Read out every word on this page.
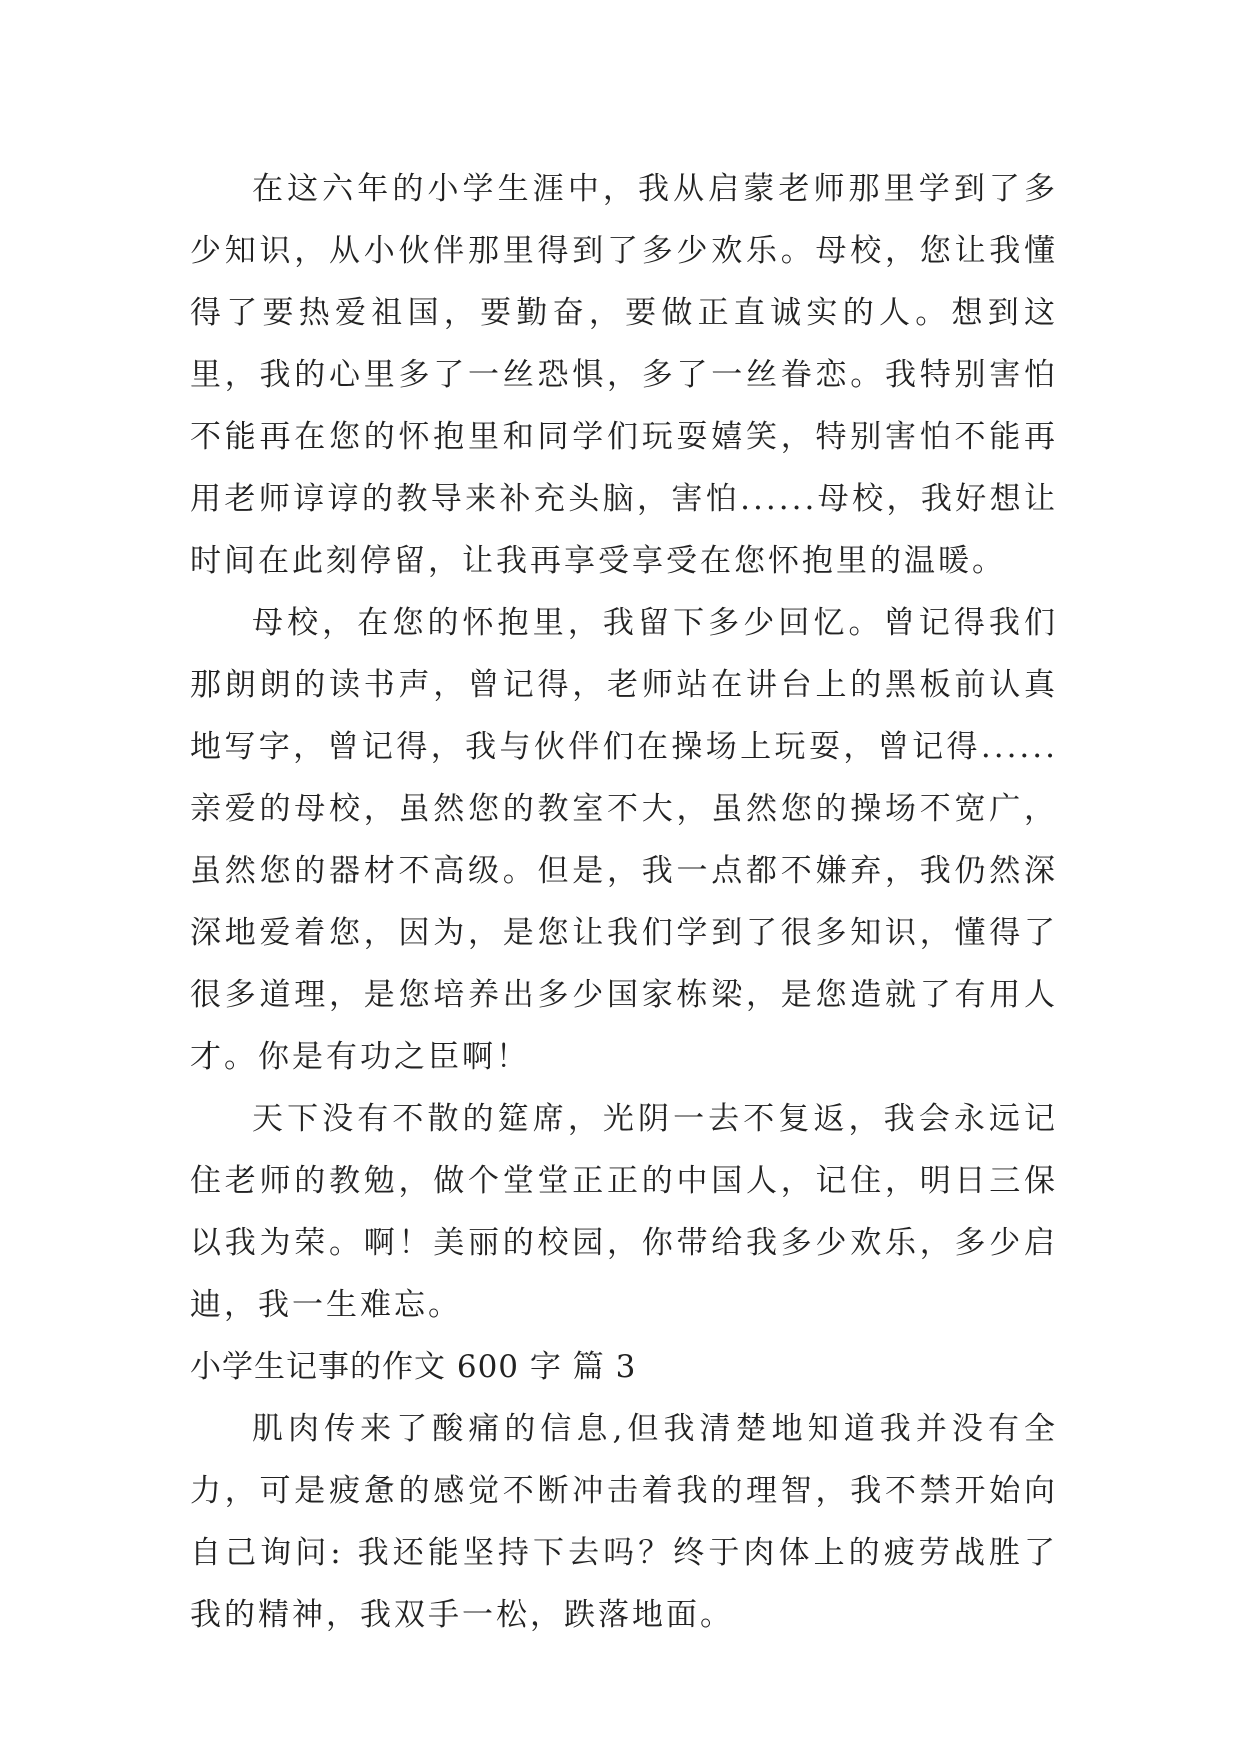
在这六年的小学生涯中，我从启蒙老师那里学到了多少知识，从小伙伴那里得到了多少欢乐。母校，您让我懂得了要热爱祖国，要勤奋，要做正直诚实的人。想到这里，我的心里多了一丝恐惧，多了一丝眷恋。我特别害怕不能再在您的怀抱里和同学们玩耍嬉笑，特别害怕不能再用老师谆谆的教导来补充头脑，害怕......母校，我好想让时间在此刻停留，让我再享受享受在您怀抱里的温暖。

母校，在您的怀抱里，我留下多少回忆。曾记得我们那朗朗的读书声，曾记得，老师站在讲台上的黑板前认真地写字，曾记得，我与伙伴们在操场上玩耍，曾记得......亲爱的母校，虽然您的教室不大，虽然您的操场不宽广，虽然您的器材不高级。但是，我一点都不嫌弃，我仍然深深地爱着您，因为，是您让我们学到了很多知识，懂得了很多道理，是您培养出多少国家栋梁，是您造就了有用人才。你是有功之臣啊！

天下没有不散的筵席，光阴一去不复返，我会永远记住老师的教勉，做个堂堂正正的中国人，记住，明日三保以我为荣。啊！美丽的校园，你带给我多少欢乐，多少启迪，我一生难忘。

小学生记事的作文 600 字 篇 3

肌肉传来了酸痛的信息,但我清楚地知道我并没有全力，可是疲惫的感觉不断冲击着我的理智，我不禁开始向自己询问: 我还能坚持下去吗？终于肉体上的疲劳战胜了我的精神，我双手一松，跌落地面。
